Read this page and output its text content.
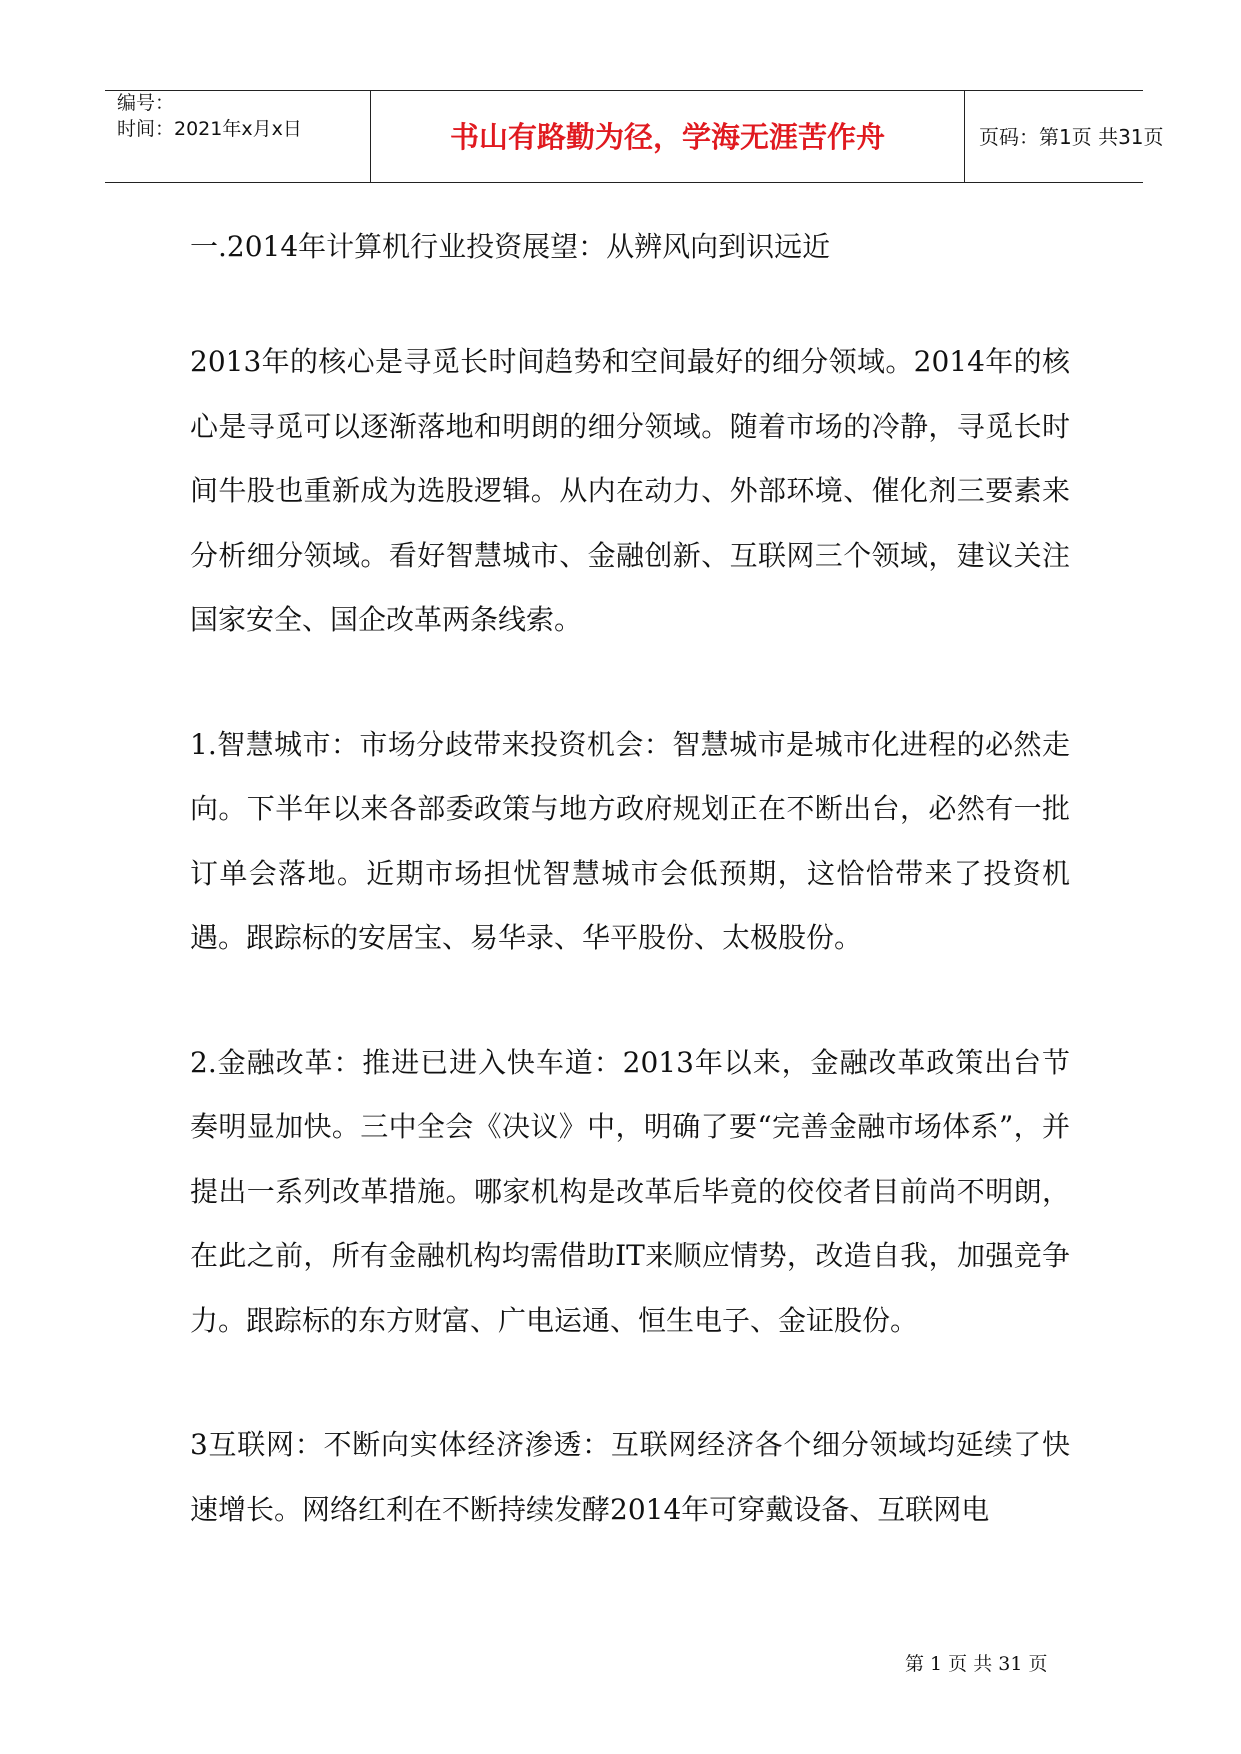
编号：
时间：2021年x月x日	书山有路勤为径，学海无涯苦作舟	页码：第1页 共31页
一.2014年计算机行业投资展望：从辨风向到识远近

2013年的核心是寻觅长时间趋势和空间最好的细分领域。2014年的核心是寻觅可以逐渐落地和明朗的细分领域。随着市场的冷静，寻觅长时间牛股也重新成为选股逻辑。从内在动力、外部环境、催化剂三要素来分析细分领域。看好智慧城市、金融创新、互联网三个领域，建议关注国家安全、国企改革两条线索。

1.智慧城市：市场分歧带来投资机会：智慧城市是城市化进程的必然走向。下半年以来各部委政策与地方政府规划正在不断出台，必然有一批订单会落地。近期市场担忧智慧城市会低预期，这恰恰带来了投资机遇。跟踪标的安居宝、易华录、华平股份、太极股份。

2.金融改革：推进已进入快车道：2013年以来，金融改革政策出台节奏明显加快。三中全会《决议》中，明确了要“完善金融市场体系”，并提出一系列改革措施。哪家机构是改革后毕竟的佼佼者目前尚不明朗，在此之前，所有金融机构均需借助IT来顺应情势，改造自我，加强竞争力。跟踪标的东方财富、广电运通、恒生电子、金证股份。

3互联网：不断向实体经济渗透：互联网经济各个细分领域均延续了快速增长。网络红利在不断持续发酵2014年可穿戴设备、互联网电

第 1 页 共 31 页
